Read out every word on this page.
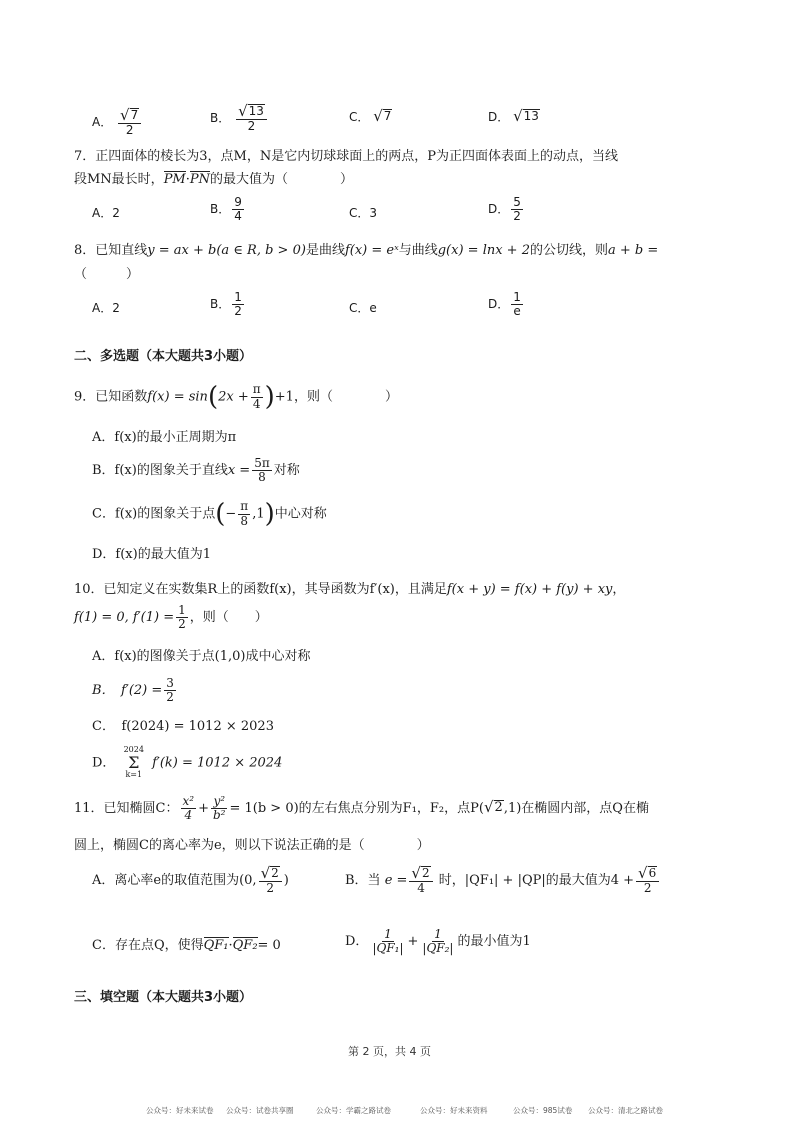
A． $\frac{√ 7}{2}$	B． $\frac{√ 13}{2}$	C． √ 7	D． √ 13
7．正四面体的棱长为3，点M，N是它内切球球面上的两点，P为正四面体表面上的动点，当线
段MN最长时，PM·PN的最大值为（　　　　）
A．2	B． $\frac{9}{4}$	C．3	D． $\frac{5}{2}$
8．已知直线y = ax + b(a ∈ R, b > 0)是曲线f(x) = eˣ与曲线g(x) = lnx + 2的公切线，则a + b =
（　　　）
A．2	B． $\frac{1}{2}$	C．e	D． $\frac{1}{e}$
二、多选题（本大题共3小题）
9．已知函数$f(x) = \sin(2x + \frac{\pi}{4} )+1$，则（　　　　）
A．f(x)的最小正周期为π
B．f(x)的图象关于直线$x = \frac{5\pi}{8}$ 对称
C．f(x)的图象关于点(− $\frac{\pi}{8} ,1$)中心对称
D．f(x)的最大值为1
10．已知定义在实数集R上的函数f(x)，其导函数为f′(x)，且满足f(x + y) = f(x) + f(y) + xy，
f(1) = 0, $f'(1) = \frac{1}{2}$ ，则（　　）
A．f(x)的图像关于点(1,0)成中心对称
B．　$f'(2) = \frac{3}{2}$
C．　f(2024) = 1012 × 2023
D．
2024
Σ
k=1
f′(k) = 1012 × 2024
11．已知椭圆C： $\frac{\text{x²}}{4} + \frac{\text{y²}}{\text{b²}} = 1(b > 0)$的左右焦点分别为F₁，F₂，点P( √ 2 ,1)在椭圆内部，点Q在椭
圆上，椭圆C的离心率为e，则以下说法正确的是（　　　　）
A．离心率e的取值范围为(0, $\frac{√ 2}{2}$ )	B．当 $e = \frac{√ 2}{4}$ 时，|QF₁| + |QP|的最大值为$4 + \frac{√ 6}{2}$
C．存在点Q，使得QF₁·QF₂= 0	D． $\frac{1}{\text{|QF₁|}} + \frac{1}{\text{|QF₂|}}$ 的最小值为1
三、填空题（本大题共3小题）
第 2 页，共 4 页
公众号：好未来试卷 公众号：试卷共享圈	公众号：学霸之路试卷	公众号：好未来资料	公众号：985试卷 公众号：清北之路试卷
